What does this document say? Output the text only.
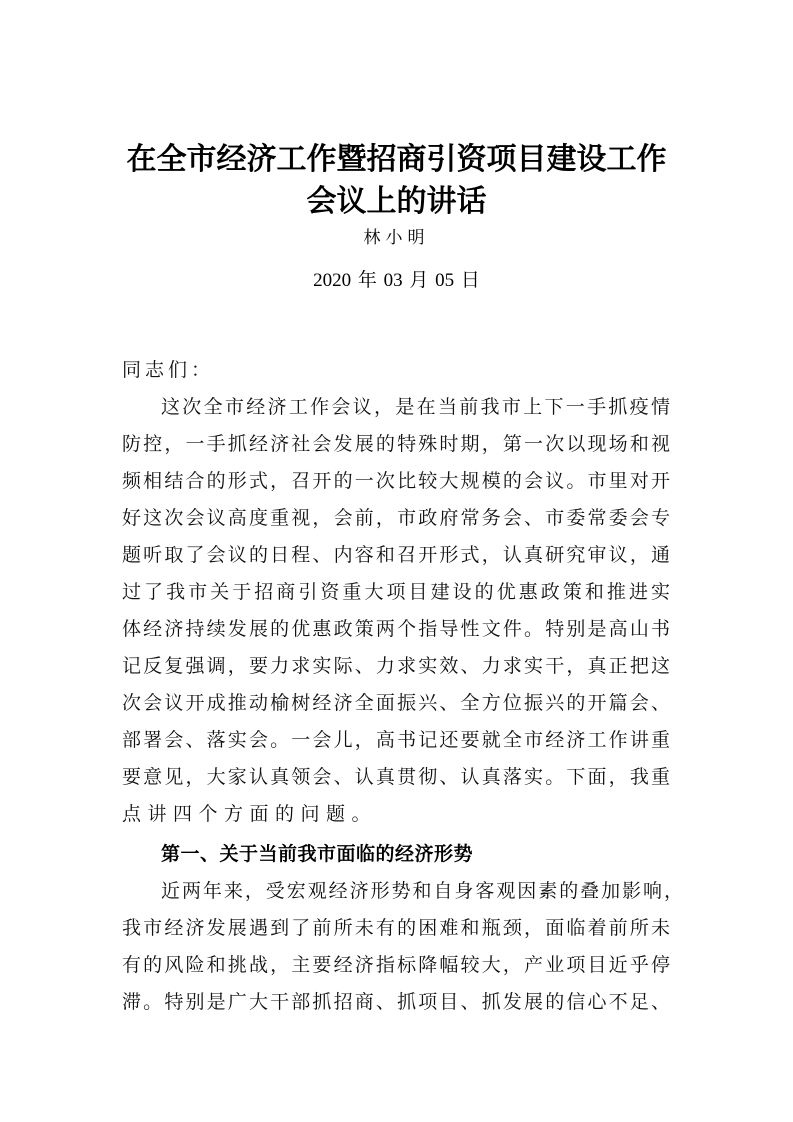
在全市经济工作暨招商引资项目建设工作
会议上的讲话
林小明
2020 年 03 月 05 日
同志们：
这次全市经济工作会议，是在当前我市上下一手抓疫情
防控，一手抓经济社会发展的特殊时期，第一次以现场和视
频相结合的形式，召开的一次比较大规模的会议。市里对开
好这次会议高度重视，会前，市政府常务会、市委常委会专
题听取了会议的日程、内容和召开形式，认真研究审议，通
过了我市关于招商引资重大项目建设的优惠政策和推进实
体经济持续发展的优惠政策两个指导性文件。特别是高山书
记反复强调，要力求实际、力求实效、力求实干，真正把这
次会议开成推动榆树经济全面振兴、全方位振兴的开篇会、
部署会、落实会。一会儿，高书记还要就全市经济工作讲重
要意见，大家认真领会、认真贯彻、认真落实。下面，我重
点讲四个方面的问题。
第一、关于当前我市面临的经济形势
近两年来，受宏观经济形势和自身客观因素的叠加影响，
我市经济发展遇到了前所未有的困难和瓶颈，面临着前所未
有的风险和挑战，主要经济指标降幅较大，产业项目近乎停
滞。特别是广大干部抓招商、抓项目、抓发展的信心不足、
